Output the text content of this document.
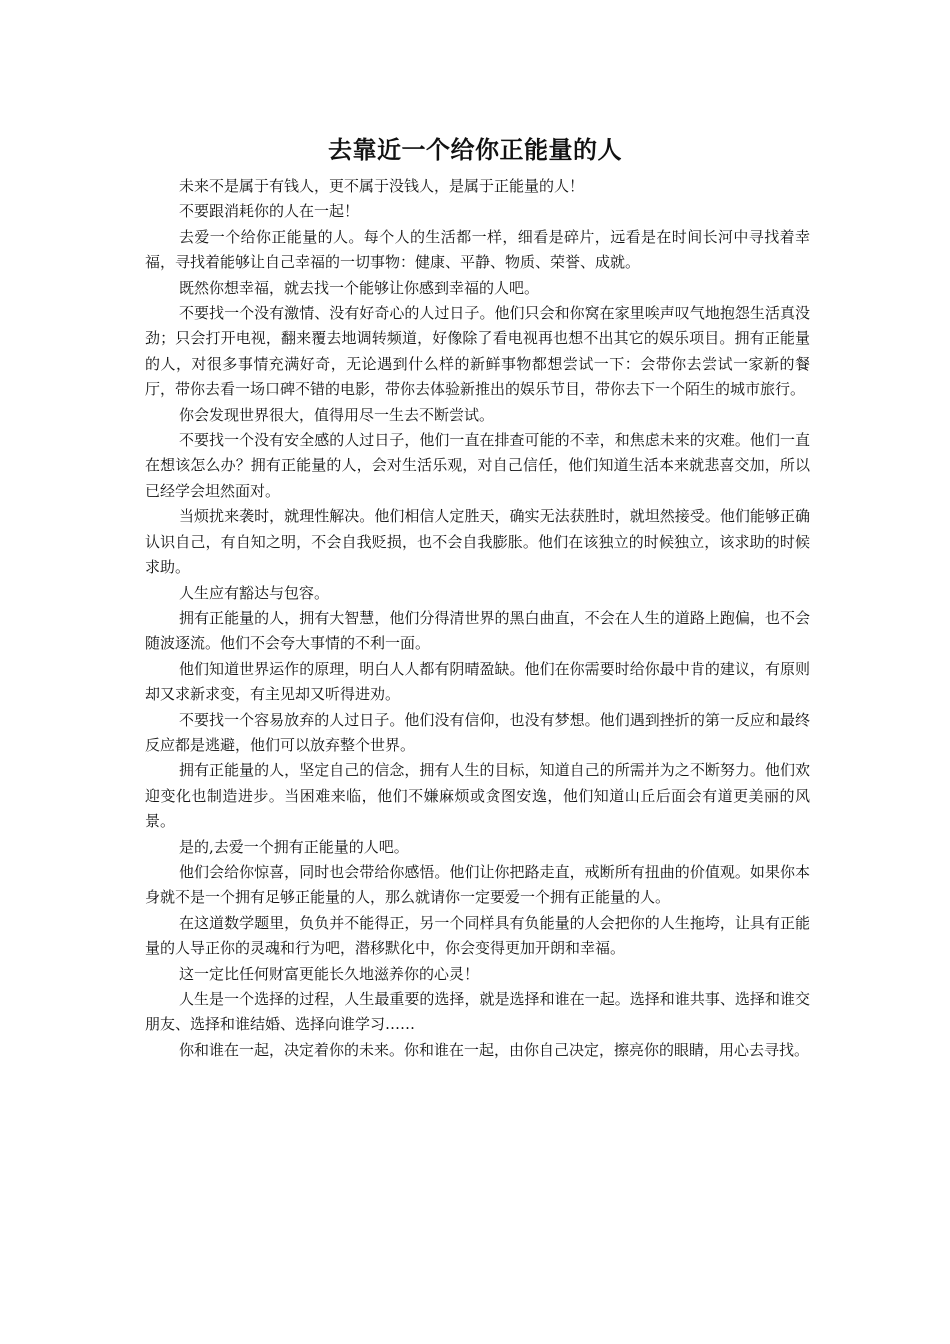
去靠近一个给你正能量的人

未来不是属于有钱人，更不属于没钱人，是属于正能量的人！

不要跟消耗你的人在一起！

去爱一个给你正能量的人。每个人的生活都一样，细看是碎片，远看是在时间长河中寻找着幸福，寻找着能够让自己幸福的一切事物：健康、平静、物质、荣誉、成就。

既然你想幸福，就去找一个能够让你感到幸福的人吧。

不要找一个没有激情、没有好奇心的人过日子。他们只会和你窝在家里唉声叹气地抱怨生活真没劲；只会打开电视，翻来覆去地调转频道，好像除了看电视再也想不出其它的娱乐项目。拥有正能量的人，对很多事情充满好奇，无论遇到什么样的新鲜事物都想尝试一下：会带你去尝试一家新的餐厅，带你去看一场口碑不错的电影，带你去体验新推出的娱乐节目，带你去下一个陌生的城市旅行。

你会发现世界很大，值得用尽一生去不断尝试。

不要找一个没有安全感的人过日子，他们一直在排查可能的不幸，和焦虑未来的灾难。他们一直在想该怎么办？拥有正能量的人，会对生活乐观，对自己信任，他们知道生活本来就悲喜交加，所以已经学会坦然面对。

当烦扰来袭时，就理性解决。他们相信人定胜天，确实无法获胜时，就坦然接受。他们能够正确认识自己，有自知之明，不会自我贬损，也不会自我膨胀。他们在该独立的时候独立，该求助的时候求助。

人生应有豁达与包容。

拥有正能量的人，拥有大智慧，他们分得清世界的黑白曲直，不会在人生的道路上跑偏，也不会随波逐流。他们不会夸大事情的不利一面。

他们知道世界运作的原理，明白人人都有阴晴盈缺。他们在你需要时给你最中肯的建议，有原则却又求新求变，有主见却又听得进劝。

不要找一个容易放弃的人过日子。他们没有信仰，也没有梦想。他们遇到挫折的第一反应和最终反应都是逃避，他们可以放弃整个世界。

拥有正能量的人，坚定自己的信念，拥有人生的目标，知道自己的所需并为之不断努力。他们欢迎变化也制造进步。当困难来临，他们不嫌麻烦或贪图安逸，他们知道山丘后面会有道更美丽的风景。

是的,去爱一个拥有正能量的人吧。

他们会给你惊喜，同时也会带给你感悟。他们让你把路走直，戒断所有扭曲的价值观。如果你本身就不是一个拥有足够正能量的人，那么就请你一定要爱一个拥有正能量的人。

在这道数学题里，负负并不能得正，另一个同样具有负能量的人会把你的人生拖垮，让具有正能量的人导正你的灵魂和行为吧，潜移默化中，你会变得更加开朗和幸福。

这一定比任何财富更能长久地滋养你的心灵！

人生是一个选择的过程，人生最重要的选择，就是选择和谁在一起。选择和谁共事、选择和谁交朋友、选择和谁结婚、选择向谁学习……

你和谁在一起，决定着你的未来。你和谁在一起，由你自己决定，擦亮你的眼睛，用心去寻找。
